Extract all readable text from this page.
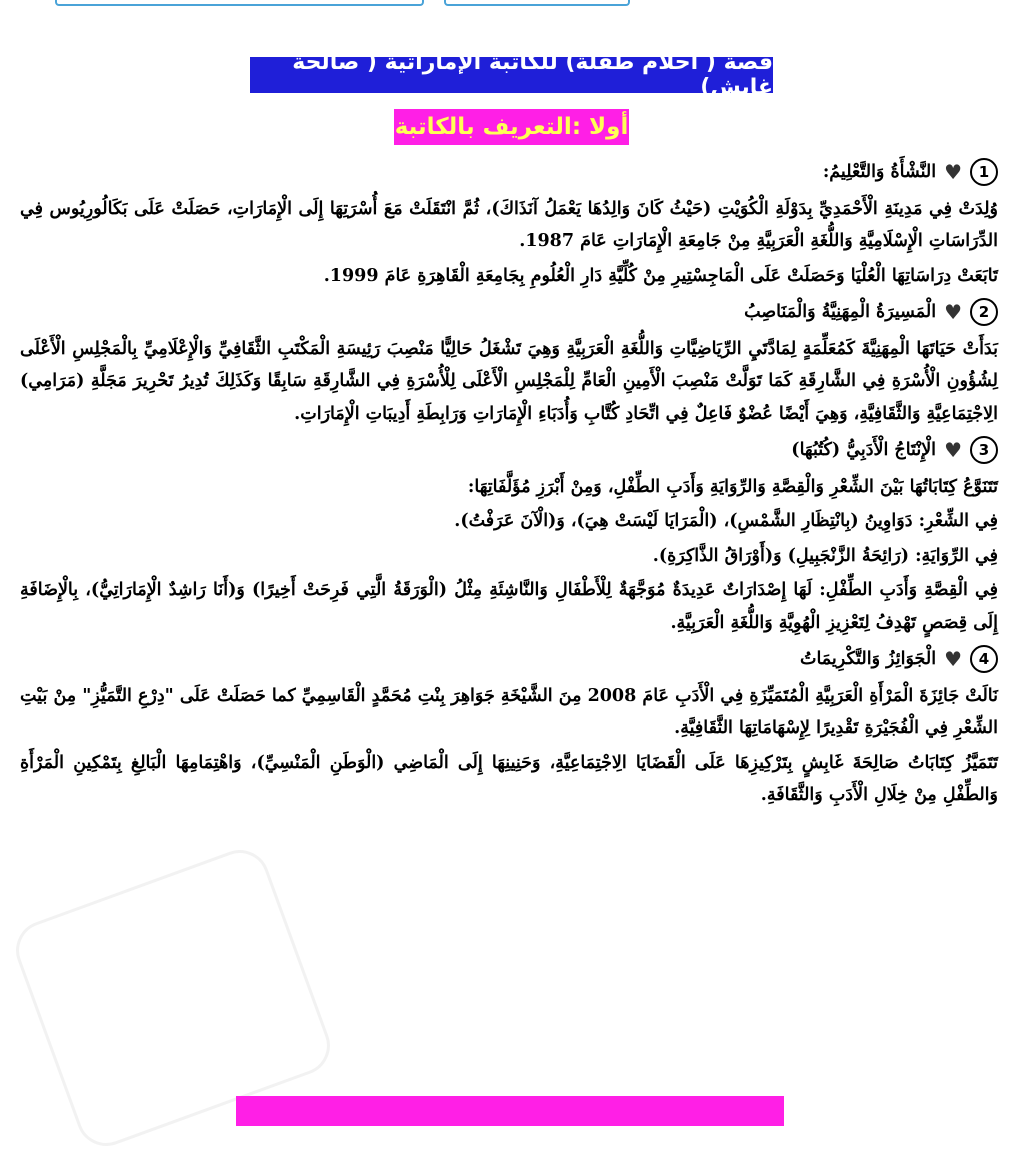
قصة ( أحلام طفلة) للكاتبة الإماراتية ( صالحة غابش)
أولا :التعريف بالكاتبة
1
♥
النَّشْأَةُ وَالتَّعْلِيمُ:

وُلِدَتْ فِي مَدِينَةِ الْأَحْمَدِيِّ بِدَوْلَةِ الْكُوَيْتِ (حَيْثُ كَانَ وَالِدُهَا يَعْمَلُ آنَذَاكَ)، ثُمَّ انْتَقَلَتْ مَعَ أُسْرَتِهَا إِلَى الْإِمَارَاتِ، حَصَلَتْ عَلَى بَكَالُورِيُوس فِي الدِّرَاسَاتِ الْإِسْلَامِيَّةِ وَاللُّغَةِ الْعَرَبِيَّةِ مِنْ جَامِعَةِ الْإِمَارَاتِ عَامَ 1987.

تَابَعَتْ دِرَاسَاتِهَا الْعُلْيَا وَحَصَلَتْ عَلَى الْمَاجِسْتِيرِ مِنْ كُلِّيَّةِ دَارِ الْعُلُومِ بِجَامِعَةِ الْقَاهِرَةِ عَامَ 1999.

2
♥
الْمَسِيرَةُ الْمِهَنِيَّةُ وَالْمَنَاصِبُ

بَدَأَتْ حَيَاتَهَا الْمِهَنِيَّةَ كَمُعَلِّمَةٍ لِمَادَّتَيِ الرِّيَاضِيَّاتِ وَاللُّغَةِ الْعَرَبِيَّةِ وَهِيَ تَشْغَلُ حَالِيًّا مَنْصِبَ رَئِيسَةِ الْمَكْتَبِ الثَّقَافِيِّ وَالْإِعْلَامِيِّ بِالْمَجْلِسِ الْأَعْلَى لِشُؤُونِ الْأُسْرَةِ فِي الشَّارِقَةِ كَمَا تَوَلَّتْ مَنْصِبَ الْأَمِينِ الْعَامِّ لِلْمَجْلِسِ الْأَعْلَى لِلْأُسْرَةِ فِي الشَّارِقَةِ سَابِقًا وَكَذَلِكَ تُدِيرُ تَحْرِيرَ مَجَلَّةِ (مَرَامِي) الِاجْتِمَاعِيَّةِ وَالثَّقَافِيَّةِ، وَهِيَ أَيْضًا عُضْوٌ فَاعِلٌ فِي اتِّحَادِ كُتَّابِ وَأُدَبَاءِ الْإِمَارَاتِ وَرَابِطَةِ أَدِيبَاتِ الْإِمَارَاتِ.

3
♥
الْإِنْتَاجُ الْأَدَبِيُّ (كُتُبُهَا)

تَتَنَوَّعُ كِتَابَاتُهَا بَيْنَ الشِّعْرِ وَالْقِصَّةِ وَالرِّوَايَةِ وَأَدَبِ الطِّفْلِ، وَمِنْ أَبْرَزِ مُؤَلَّفَاتِهَا:

فِي الشِّعْرِ: دَوَاوِينُ (بِانْتِظَارِ الشَّمْسِ)، (الْمَرَايَا لَيْسَتْ هِيَ)، وَ(الْآنَ عَرَفْتُ).

فِي الرِّوَايَةِ: (رَائِحَةُ الزَّنْجَبِيلِ) وَ(أَوْرَاقُ الذَّاكِرَةِ).

فِي الْقِصَّةِ وَأَدَبِ الطِّفْلِ: لَهَا إِصْدَارَاتٌ عَدِيدَةٌ مُوَجَّهَةٌ لِلْأَطْفَالِ وَالنَّاشِئَةِ مِثْلُ (الْوَرَقَةُ الَّتِي فَرِحَتْ أَخِيرًا) وَ(أَنَا رَاشِدٌ الْإِمَارَاتِيُّ)، بِالْإِضَافَةِ إِلَى قِصَصٍ تَهْدِفُ لِتَعْزِيزِ الْهُوِيَّةِ وَاللُّغَةِ الْعَرَبِيَّةِ.

4
♥
الْجَوَائِزُ وَالتَّكْرِيمَاتُ

نَالَتْ جَائِزَةَ الْمَرْأَةِ الْعَرَبِيَّةِ الْمُتَمَيِّزَةِ فِي الْأَدَبِ عَامَ 2008 مِنَ الشَّيْخَةِ جَوَاهِرَ بِنْتِ مُحَمَّدٍ الْقَاسِمِيِّ كما حَصَلَتْ عَلَى "دِرْعِ التَّمَيُّزِ" مِنْ بَيْتِ الشِّعْرِ فِي الْفُجَيْرَةِ تَقْدِيرًا لِإِسْهَامَاتِهَا الثَّقَافِيَّةِ.

تَتَمَيَّزُ كِتَابَاتُ صَالِحَةَ غَابِشٍ بِتَرْكِيزِهَا عَلَى الْقَضَايَا الِاجْتِمَاعِيَّةِ، وَحَنِينِهَا إِلَى الْمَاضِي (الْوَطَنِ الْمَنْسِيِّ)، وَاهْتِمَامِهَا الْبَالِغِ بِتَمْكِينِ الْمَرْأَةِ وَالطِّفْلِ مِنْ خِلَالِ الْأَدَبِ وَالثَّقَافَةِ.
